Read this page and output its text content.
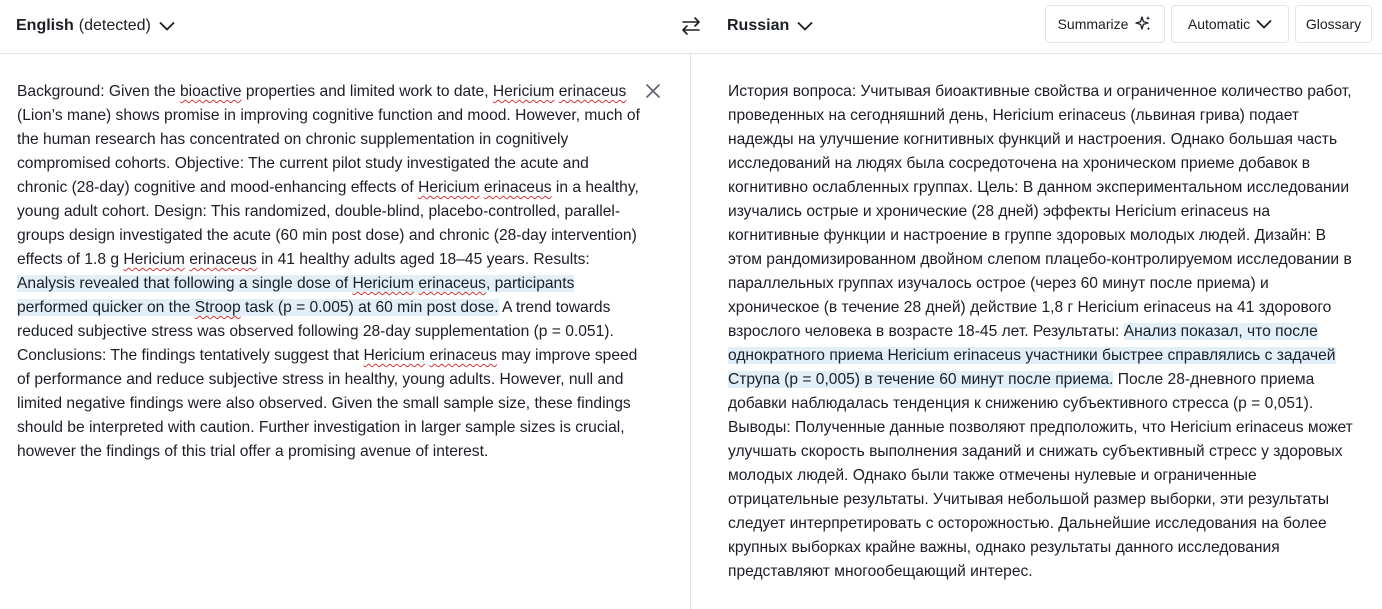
English (detected)	Russian	Summarize	Automatic	Glossary
Background: Given the bioactive properties and limited work to date, Hericium erinaceus (Lion’s mane) shows promise in improving cognitive function and mood. However, much of the human research has concentrated on chronic supplementation in cognitively compromised cohorts. Objective: The current pilot study investigated the acute and chronic (28-day) cognitive and mood-enhancing effects of Hericium erinaceus in a healthy, young adult cohort. Design: This randomized, double-blind, placebo-controlled, parallel-groups design investigated the acute (60 min post dose) and chronic (28-day intervention) effects of 1.8 g Hericium erinaceus in 41 healthy adults aged 18–45 years. Results: Analysis revealed that following a single dose of Hericium erinaceus, participants performed quicker on the Stroop task (p = 0.005) at 60 min post dose. A trend towards reduced subjective stress was observed following 28-day supplementation (p = 0.051). Conclusions: The findings tentatively suggest that Hericium erinaceus may improve speed of performance and reduce subjective stress in healthy, young adults. However, null and limited negative findings were also observed. Given the small sample size, these findings should be interpreted with caution. Further investigation in larger sample sizes is crucial, however the findings of this trial offer a promising avenue of interest.
История вопроса: Учитывая биоактивные свойства и ограниченное количество работ, проведенных на сегодняшний день, Hericium erinaceus (львиная грива) подает надежды на улучшение когнитивных функций и настроения. Однако большая часть исследований на людях была сосредоточена на хроническом приеме добавок в когнитивно ослабленных группах. Цель: В данном экспериментальном исследовании изучались острые и хронические (28 дней) эффекты Hericium erinaceus на когнитивные функции и настроение в группе здоровых молодых людей. Дизайн: В этом рандомизированном двойном слепом плацебо-контролируемом исследовании в параллельных группах изучалось острое (через 60 минут после приема) и хроническое (в течение 28 дней) действие 1,8 г Hericium erinaceus на 41 здорового взрослого человека в возрасте 18-45 лет. Результаты: Анализ показал, что после однократного приема Hericium erinaceus участники быстрее справлялись с задачей Струпа (p = 0,005) в течение 60 минут после приема. После 28-дневного приема добавки наблюдалась тенденция к снижению субъективного стресса (p = 0,051). Выводы: Полученные данные позволяют предположить, что Hericium erinaceus может улучшать скорость выполнения заданий и снижать субъективный стресс у здоровых молодых людей. Однако были также отмечены нулевые и ограниченные отрицательные результаты. Учитывая небольшой размер выборки, эти результаты следует интерпретировать с осторожностью. Дальнейшие исследования на более крупных выборках крайне важны, однако результаты данного исследования представляют многообещающий интерес.
